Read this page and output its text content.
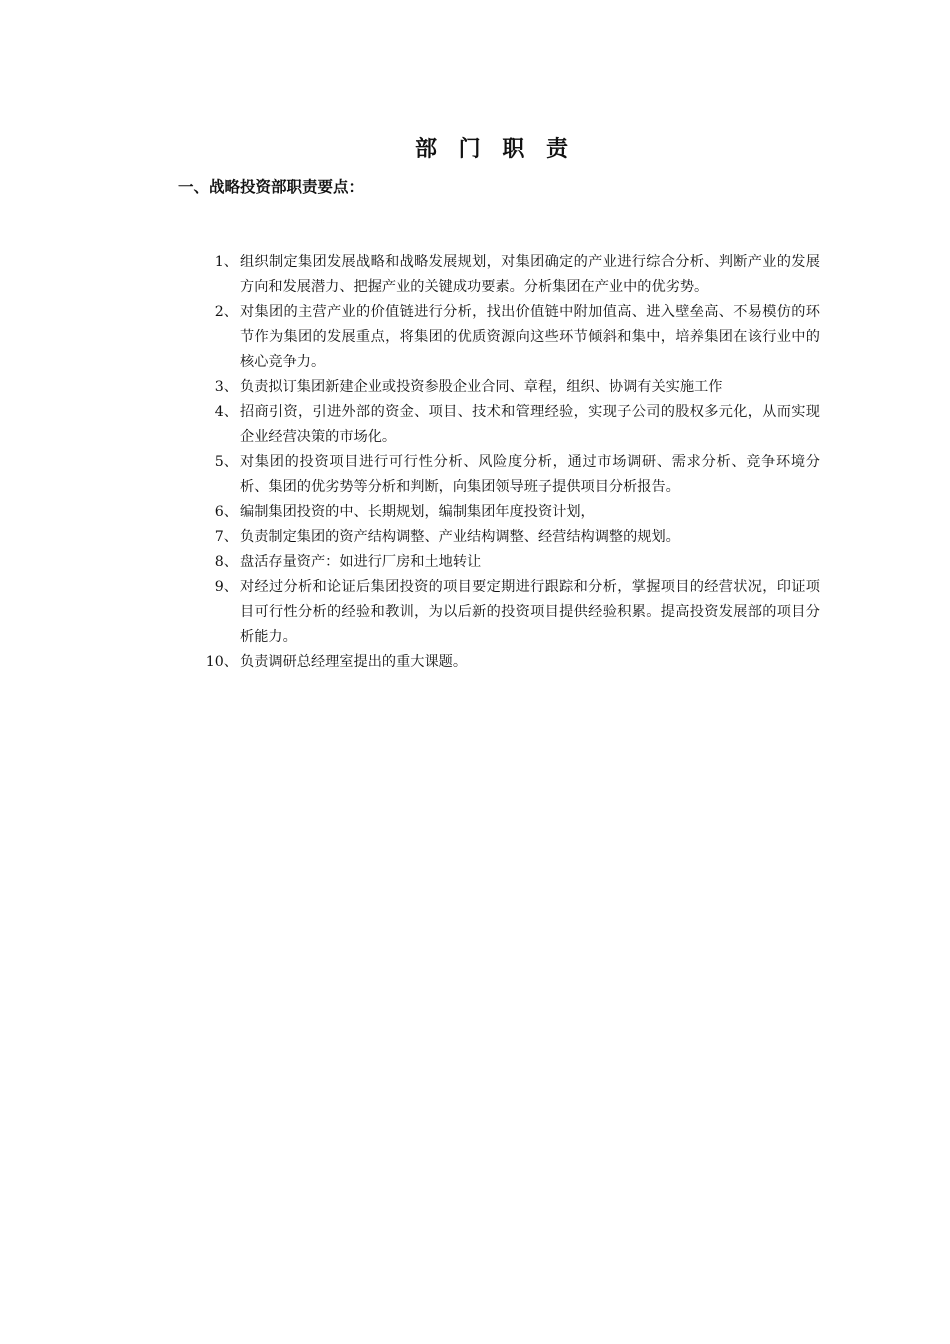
部 门 职 责
一、战略投资部职责要点：
1、 组织制定集团发展战略和战略发展规划，对集团确定的产业进行综合分析、判断产业的发展方向和发展潜力、把握产业的关键成功要素。分析集团在产业中的优劣势。
2、 对集团的主营产业的价值链进行分析，找出价值链中附加值高、进入壁垒高、不易模仿的环节作为集团的发展重点，将集团的优质资源向这些环节倾斜和集中，培养集团在该行业中的核心竞争力。
3、 负责拟订集团新建企业或投资参股企业合同、章程，组织、协调有关实施工作
4、 招商引资，引进外部的资金、项目、技术和管理经验，实现子公司的股权多元化，从而实现企业经营决策的市场化。
5、 对集团的投资项目进行可行性分析、风险度分析，通过市场调研、需求分析、竞争环境分析、集团的优劣势等分析和判断，向集团领导班子提供项目分析报告。
6、 编制集团投资的中、长期规划，编制集团年度投资计划，
7、 负责制定集团的资产结构调整、产业结构调整、经营结构调整的规划。
8、 盘活存量资产：如进行厂房和土地转让
9、 对经过分析和论证后集团投资的项目要定期进行跟踪和分析，掌握项目的经营状况，印证项目可行性分析的经验和教训，为以后新的投资项目提供经验积累。提高投资发展部的项目分析能力。
10、 负责调研总经理室提出的重大课题。
